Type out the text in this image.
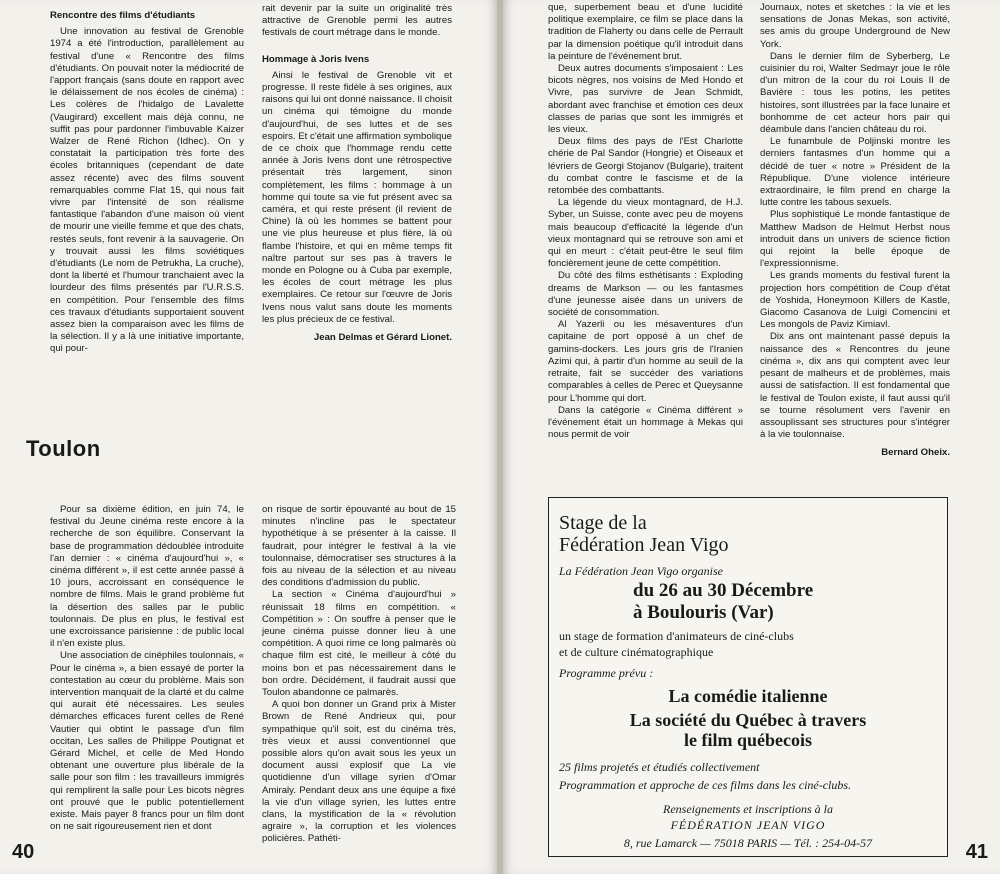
Rencontre des films d'étudiants

Une innovation au festival de Grenoble 1974 a été l'introduction, parallèlement au festival d'une « Rencontre des films d'étudiants. On pouvait noter la médiocrité de l'apport français (sans doute en rapport avec le délaissement de nos écoles de cinéma) : Les colères de l'hidalgo de Lavalette (Vaugirard) excellent mais déjà connu, ne suffit pas pour pardonner l'imbuvable Kaizer Walzer de René Richon (Idhec). On y constatait la participation très forte des écoles britanniques (cependant de date assez récente) avec des films souvent remarquables comme Flat 15, qui nous fait vivre par l'intensité de son réalisme fantastique l'abandon d'une maison où vient de mourir une vieille femme et que des chats, restés seuls, font revenir à la sauvagerie. On y trouvait aussi les films soviétiques d'étudiants (Le nom de Petrukha, La cruche), dont la liberté et l'humour tranchaient avec la lourdeur des films présentés par l'U.R.S.S. en compétition. Pour l'ensemble des films ces travaux d'étudiants supportaient souvent assez bien la comparaison avec les films de la sélection. Il y a là une initiative importante, qui pour-

rait devenir par la suite un originalité très attractive de Grenoble permi les autres festivals de court métrage dans le monde.

Hommage à Joris Ivens

Ainsi le festival de Grenoble vit et progresse. Il reste fidèle à ses origines, aux raisons qui lui ont donné naissance. Il choisit un cinéma qui témoigne du monde d'aujourd'hui, de ses luttes et de ses espoirs. Et c'était une affirmation symbolique de ce choix que l'hommage rendu cette année à Joris Ivens dont une rétrospective présentait très largement, sinon complètement, les films : hommage à un homme qui toute sa vie fut présent avec sa caméra, et qui reste présent (il revient de Chine) là où les hommes se battent pour une vie plus heureuse et plus fière, là où flambe l'histoire, et qui en même temps fit naître partout sur ses pas à travers le monde en Pologne ou à Cuba par exemple, les écoles de court métrage les plus exemplaires. Ce retour sur l'œuvre de Joris Ivens nous valut sans doute les moments les plus précieux de ce festival.

Jean Delmas et Gérard Lionet.

Toulon

Pour sa dixième édition, en juin 74, le festival du Jeune cinéma reste encore à la recherche de son équilibre. Conservant la base de programmation dédoublée introduite l'an dernier : « cinéma d'aujourd'hui », « cinéma différent », il est cette année passé à 10 jours, accroissant en conséquence le nombre de films. Mais le grand problème fut la désertion des salles par le public toulonnais. De plus en plus, le festival est une excroissance parisienne : de public local il n'en existe plus.

Une association de cinéphiles toulonnais, « Pour le cinéma », a bien essayé de porter la contestation au cœur du problème. Mais son intervention manquait de la clarté et du calme qui aurait été nécessaires. Les seules démarches efficaces furent celles de René Vautier qui obtint le passage d'un film occitan, Les salles de Philippe Poutignat et Gérard Michel, et celle de Med Hondo obtenant une ouverture plus libérale de la salle pour son film : les travailleurs immigrés qui remplirent la salle pour Les bicots nègres ont prouvé que le public potentiellement existe. Mais payer 8 francs pour un film dont on ne sait rigoureusement rien et dont

on risque de sortir épouvanté au bout de 15 minutes n'incline pas le spectateur hypothétique à se présenter à la caisse. Il faudrait, pour intégrer le festival à la vie toulonnaise, démocratiser ses structures à la fois au niveau de la sélection et au niveau des conditions d'admission du public.

La section « Cinéma d'aujourd'hui » réunissait 18 films en compétition. « Compétition » : On souffre à penser que le jeune cinéma puisse donner lieu à une compétition. A quoi rime ce long palmarès où chaque film est cité, le meilleur à côté du moins bon et pas nécessairement dans le bon ordre. Décidément, il faudrait aussi que Toulon abandonne ce palmarès.

A quoi bon donner un Grand prix à Mister Brown de René Andrieux qui, pour sympathique qu'il soit, est du cinéma très, très vieux et aussi conventionnel que possible alors qu'on avait sous les yeux un document aussi explosif que La vie quotidienne d'un village syrien d'Omar Amiraly. Pendant deux ans une équipe a fixé la vie d'un village syrien, les luttes entre clans, la mystification de la « révolution agraire », la corruption et les violences policières. Pathéti-

40

que, superbement beau et d'une lucidité politique exemplaire, ce film se place dans la tradition de Flaherty ou dans celle de Perrault par la dimension poétique qu'il introduit dans la peinture de l'événement brut.

Deux autres documents s'imposaient : Les bicots nègres, nos voisins de Med Hondo et Vivre, pas survivre de Jean Schmidt, abordant avec franchise et émotion ces deux classes de parias que sont les immigrés et les vieux.

Deux films des pays de l'Est Charlotte chérie de Pal Sandor (Hongrie) et Oiseaux et lévriers de Georgi Stojanov (Bulgarie), traitent du combat contre le fascisme et de la retombée des combattants.

La légende du vieux montagnard, de H.J. Syber, un Suisse, conte avec peu de moyens mais beaucoup d'efficacité la légende d'un vieux montagnard qui se retrouve son ami et qui en meurt : c'était peut-être le seul film foncièrement jeune de cette compétition.

Du côté des films esthétisants : Exploding dreams de Markson — ou les fantasmes d'une jeunesse aisée dans un univers de société de consommation.

Al Yazerli ou les mésaventures d'un capitaine de port opposé à un chef de gamins-dockers. Les jours gris de l'Iranien Azimi qui, à partir d'un homme au seuil de la retraite, fait se succéder des variations comparables à celles de Perec et Queysanne pour L'homme qui dort.

Dans la catégorie « Cinéma différent » l'événement était un hommage à Mekas qui nous permit de voir

Journaux, notes et sketches : la vie et les sensations de Jonas Mekas, son activité, ses amis du groupe Underground de New York.

Dans le dernier film de Syberberg, Le cuisinier du roi, Walter Sedmayr joue le rôle d'un mitron de la cour du roi Louis II de Bavière : tous les potins, les petites histoires, sont illustrées par la face lunaire et bonhomme de cet acteur hors pair qui déambule dans l'ancien château du roi.

Le funambule de Poljinski montre les derniers fantasmes d'un homme qui a décidé de tuer « notre » Président de la République. D'une violence intérieure extraordinaire, le film prend en charge la lutte contre les tabous sexuels.

Plus sophistiqué Le monde fantastique de Matthew Madson de Helmut Herbst nous introduit dans un univers de science fiction qui rejoint la belle époque de l'expressionnisme.

Les grands moments du festival furent la projection hors compétition de Coup d'état de Yoshida, Honeymoon Killers de Kastle, Giacomo Casanova de Luigi Comencini et Les mongols de Paviz Kimiavl.

Dix ans ont maintenant passé depuis la naissance des « Rencontres du jeune cinéma », dix ans qui comptent avec leur pesant de malheurs et de problèmes, mais aussi de satisfaction. Il est fondamental que le festival de Toulon existe, il faut aussi qu'il se tourne résolument vers l'avenir en assouplissant ses structures pour s'intégrer à la vie toulonnaise.

Bernard Oheix.

41
Stage de la
Fédération Jean Vigo
La Fédération Jean Vigo organise
du 26 au 30 Décembre
à Boulouris (Var)
un stage de formation d'animateurs de ciné-clubs
et de culture cinématographique
Programme prévu :
La comédie italienne
La société du Québec à travers
le film québecois
25 films projetés et étudiés collectivement
Programmation et approche de ces films dans les ciné-clubs.
Renseignements et inscriptions à la
FÉDÉRATION JEAN VIGO
8, rue Lamarck — 75018 PARIS — Tél. : 254-04-57
